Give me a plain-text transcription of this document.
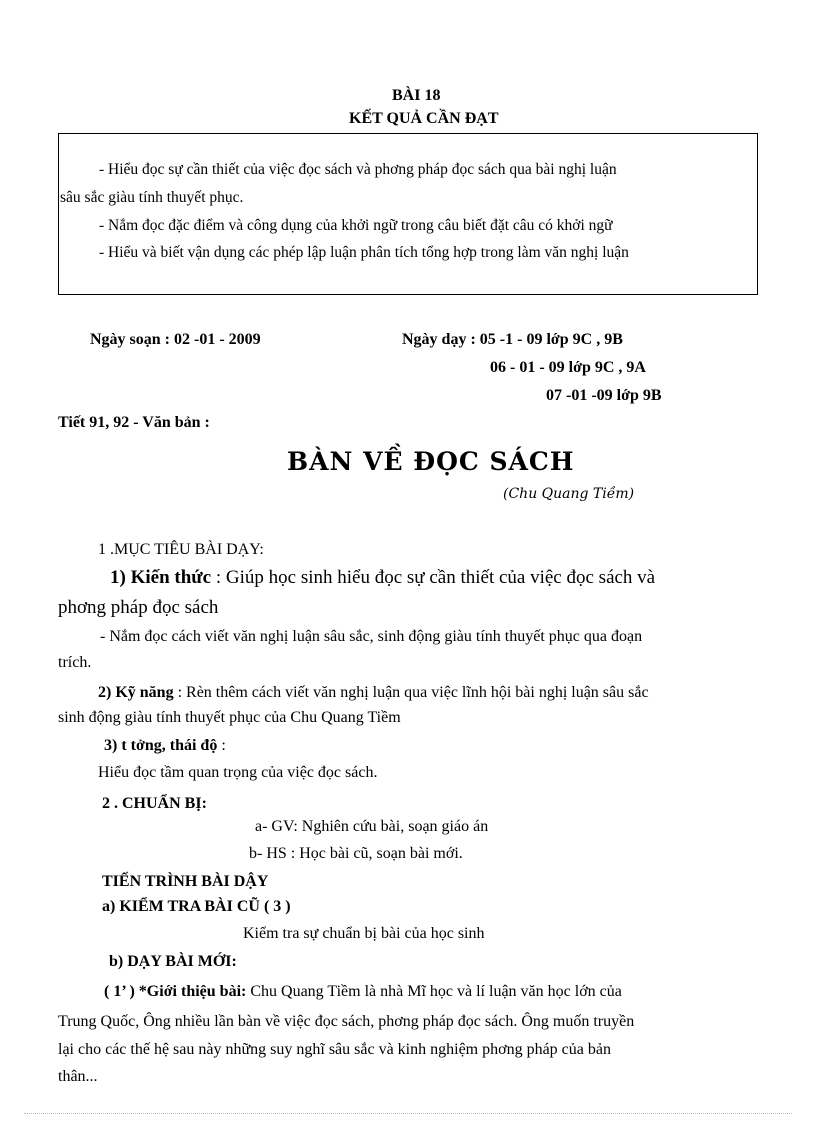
BÀI 18
KẾT QUẢ CẦN ĐẠT
- Hiểu đọc sự cần thiết của việc đọc sách và phơng pháp đọc sách qua bài nghị luận
sâu sắc giàu tính thuyết phục.
- Nắm đọc đặc điểm và công dụng của khởi ngữ trong câu biết đặt câu có khởi ngữ
- Hiểu và biết vận dụng các phép lập luận phân tích tổng hợp trong làm văn nghị luận
Ngày soạn : 02 -01 - 2009	Ngày dạy : 05 -1 - 09 lớp 9C , 9B
06 - 01 - 09 lớp 9C , 9A
07 -01 -09 lớp 9B
Tiết 91, 92 - Văn bản :
BÀN VỀ ĐỌC SÁCH
(Chu Quang Tiềm)
1 .MỤC TIÊU BÀI DẠY:
1) Kiến thức : Giúp học sinh hiểu đọc sự cần thiết của việc đọc sách và
phơng pháp đọc sách
- Nắm đọc cách viết văn nghị luận sâu sắc, sinh động giàu tính thuyết phục qua đoạn
trích.
2) Kỹ năng : Rèn thêm cách viết văn nghị luận qua việc lĩnh hội bài nghị luận sâu sắc
sinh động giàu tính thuyết phục của Chu Quang Tiềm
3) t tởng, thái độ :
Hiểu đọc tầm quan trọng của việc đọc sách.
2 . CHUẨN BỊ:
a- GV: Nghiên cứu bài, soạn giáo án
b- HS : Học bài cũ, soạn bài mới.
TIẾN TRÌNH BÀI DẬY
a) KIỂM TRA BÀI CŨ ( 3 )
Kiểm tra sự chuẩn bị bài của học sinh
b) DẠY BÀI MỚI:
( 1’ ) *Giới thiệu bài: Chu Quang Tiềm là nhà Mĩ học và lí luận văn học lớn của
Trung Quốc, Ông nhiều lần bàn về việc đọc sách, phơng pháp đọc sách. Ông muốn truyền
lại cho các thế hệ sau này những suy nghĩ sâu sắc và kinh nghiệm phơng pháp của bản
thân...
